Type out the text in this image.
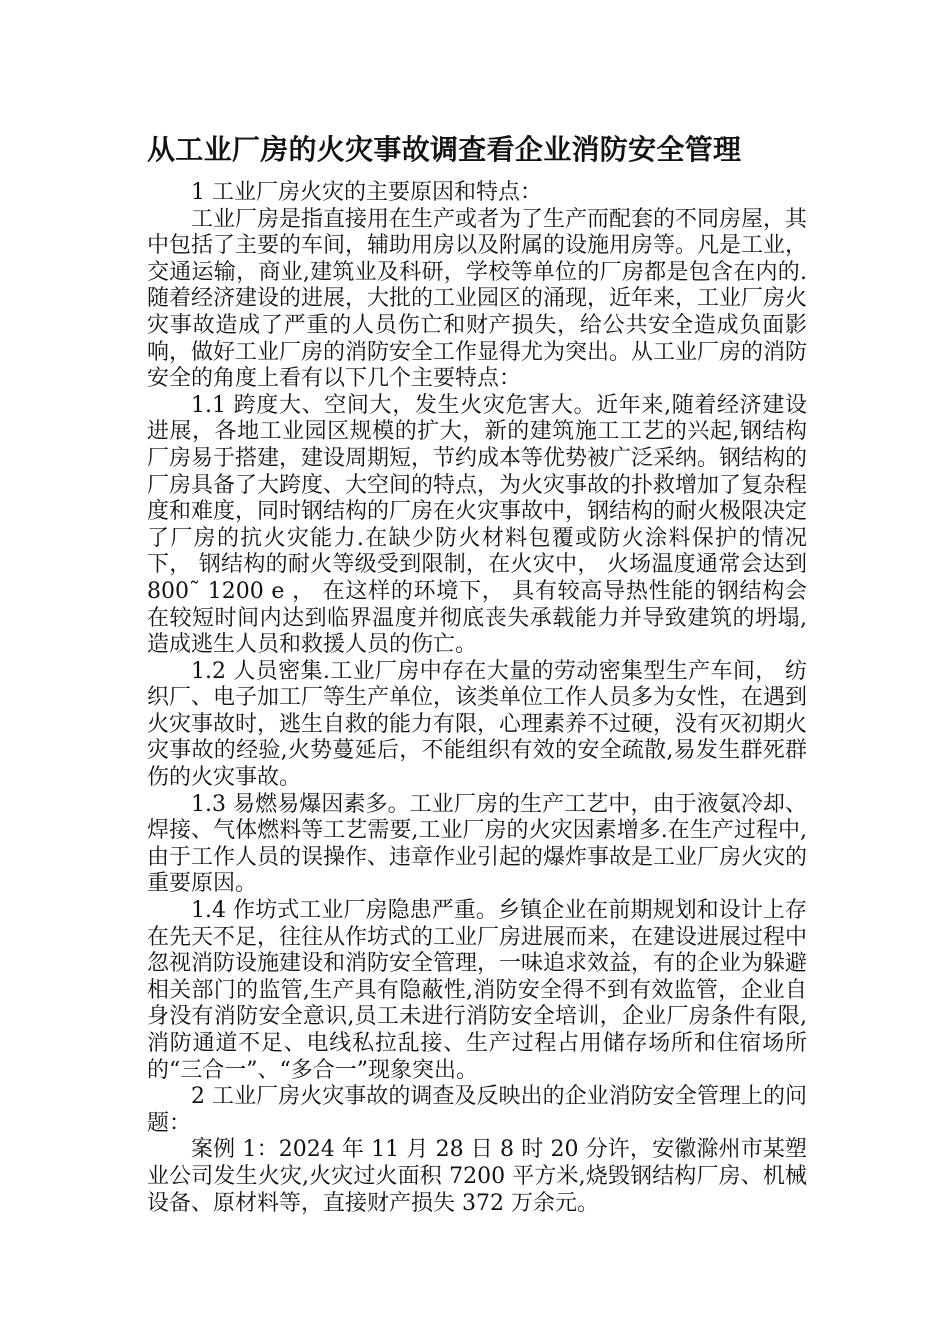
从工业厂房的火灾事故调查看企业消防安全管理

1 工业厂房火灾的主要原因和特点：

工业厂房是指直接用在生产或者为了生产而配套的不同房屋，其中包括了主要的车间，辅助用房以及附属的设施用房等。凡是工业，交通运输，商业,建筑业及科研，学校等单位的厂房都是包含在内的.随着经济建设的进展，大批的工业园区的涌现，近年来，工业厂房火灾事故造成了严重的人员伤亡和财产损失，给公共安全造成负面影响，做好工业厂房的消防安全工作显得尤为突出。从工业厂房的消防安全的角度上看有以下几个主要特点：

1.1 跨度大、空间大，发生火灾危害大。近年来,随着经济建设进展，各地工业园区规模的扩大，新的建筑施工工艺的兴起,钢结构厂房易于搭建，建设周期短，节约成本等优势被广泛采纳。钢结构的厂房具备了大跨度、大空间的特点，为火灾事故的扑救增加了复杂程度和难度，同时钢结构的厂房在火灾事故中，钢结构的耐火极限决定了厂房的抗火灾能力.在缺少防火材料包覆或防火涂料保护的情况下， 钢结构的耐火等级受到限制，在火灾中， 火场温度通常会达到800˜ 1200 e ， 在这样的环境下， 具有较高导热性能的钢结构会在较短时间内达到临界温度并彻底丧失承载能力并导致建筑的坍塌,造成逃生人员和救援人员的伤亡。

1.2 人员密集.工业厂房中存在大量的劳动密集型生产车间， 纺织厂、电子加工厂等生产单位，该类单位工作人员多为女性，在遇到火灾事故时，逃生自救的能力有限，心理素养不过硬，没有灭初期火灾事故的经验,火势蔓延后，不能组织有效的安全疏散,易发生群死群伤的火灾事故。

1.3 易燃易爆因素多。工业厂房的生产工艺中，由于液氨冷却、焊接、气体燃料等工艺需要,工业厂房的火灾因素增多.在生产过程中,由于工作人员的误操作、违章作业引起的爆炸事故是工业厂房火灾的重要原因。

1.4 作坊式工业厂房隐患严重。乡镇企业在前期规划和设计上存在先天不足，往往从作坊式的工业厂房进展而来，在建设进展过程中忽视消防设施建设和消防安全管理，一味追求效益，有的企业为躲避相关部门的监管,生产具有隐蔽性,消防安全得不到有效监管，企业自身没有消防安全意识,员工未进行消防安全培训，企业厂房条件有限,消防通道不足、电线私拉乱接、生产过程占用储存场所和住宿场所的“三合一”、“多合一”现象突出。

2 工业厂房火灾事故的调查及反映出的企业消防安全管理上的问题：

案例 1：2024 年 11 月 28 日 8 时 20 分许，安徽滁州市某塑业公司发生火灾,火灾过火面积 7200 平方米,烧毁钢结构厂房、机械设备、原材料等，直接财产损失 372 万余元。
